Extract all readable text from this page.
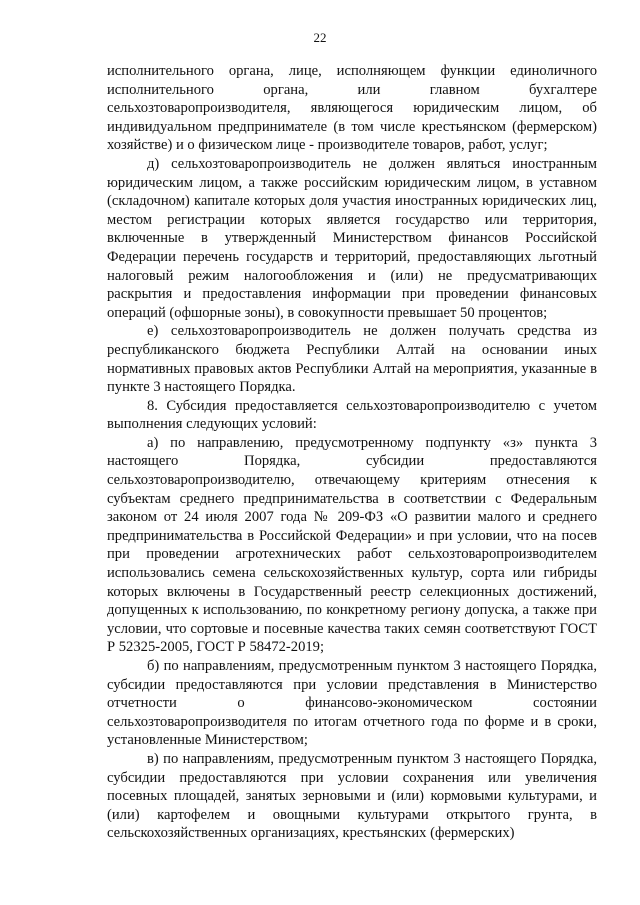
22

исполнительного органа, лице, исполняющем функции единоличного исполнительного органа, или главном бухгалтере сельхозтоваропроизводителя, являющегося юридическим лицом, об индивидуальном предпринимателе (в том числе крестьянском (фермерском) хозяйстве) и о физическом лице - производителе товаров, работ, услуг;

д) сельхозтоваропроизводитель не должен являться иностранным юридическим лицом, а также российским юридическим лицом, в уставном (складочном) капитале которых доля участия иностранных юридических лиц, местом регистрации которых является государство или территория, включенные в утвержденный Министерством финансов Российской Федерации перечень государств и территорий, предоставляющих льготный налоговый режим налогообложения и (или) не предусматривающих раскрытия и предоставления информации при проведении финансовых операций (офшорные зоны), в совокупности превышает 50 процентов;

е) сельхозтоваропроизводитель не должен получать средства из республиканского бюджета Республики Алтай на основании иных нормативных правовых актов Республики Алтай на мероприятия, указанные в пункте 3 настоящего Порядка.

8. Субсидия предоставляется сельхозтоваропроизводителю с учетом выполнения следующих условий:

а) по направлению, предусмотренному подпункту «з» пункта 3 настоящего Порядка, субсидии предоставляются сельхозтоваропроизводителю, отвечающему критериям отнесения к субъектам среднего предпринимательства в соответствии с Федеральным законом от 24 июля 2007 года № 209-ФЗ «О развитии малого и среднего предпринимательства в Российской Федерации» и при условии, что на посев при проведении агротехнических работ сельхозтоваропроизводителем использовались семена сельскохозяйственных культур, сорта или гибриды которых включены в Государственный реестр селекционных достижений, допущенных к использованию, по конкретному региону допуска, а также при условии, что сортовые и посевные качества таких семян соответствуют ГОСТ Р 52325-2005, ГОСТ Р 58472-2019;

б) по направлениям, предусмотренным пунктом 3 настоящего Порядка, субсидии предоставляются при условии представления в Министерство отчетности о финансово-экономическом состоянии сельхозтоваропроизводителя по итогам отчетного года по форме и в сроки, установленные Министерством;

в) по направлениям, предусмотренным пунктом 3 настоящего Порядка, субсидии предоставляются при условии сохранения или увеличения посевных площадей, занятых зерновыми и (или) кормовыми культурами, и (или) картофелем и овощными культурами открытого грунта, в сельскохозяйственных организациях, крестьянских (фермерских)
